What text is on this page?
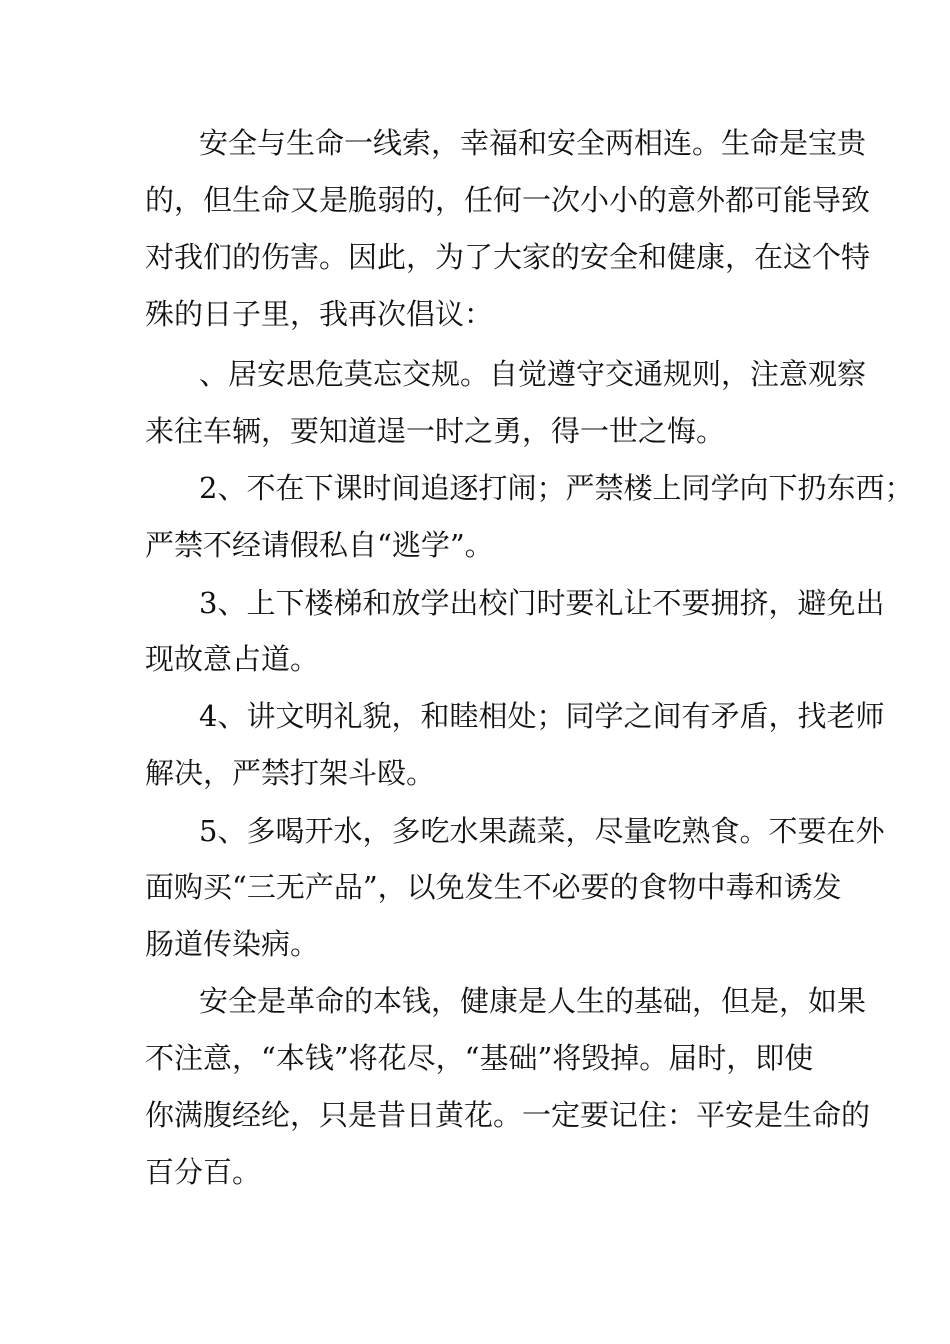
安全与生命一线索，幸福和安全两相连。生命是宝贵
的，但生命又是脆弱的，任何一次小小的意外都可能导致
对我们的伤害。因此，为了大家的安全和健康，在这个特
殊的日子里，我再次倡议：
、居安思危莫忘交规。自觉遵守交通规则，注意观察
来往车辆，要知道逞一时之勇，得一世之悔。
2、不在下课时间追逐打闹；严禁楼上同学向下扔东西；
严禁不经请假私自“逃学”。
3、上下楼梯和放学出校门时要礼让不要拥挤，避免出
现故意占道。
4、讲文明礼貌，和睦相处；同学之间有矛盾，找老师
解决，严禁打架斗殴。
5、多喝开水，多吃水果蔬菜，尽量吃熟食。不要在外
面购买“三无产品”，以免发生不必要的食物中毒和诱发
肠道传染病。
安全是革命的本钱，健康是人生的基础，但是，如果
不注意，“本钱”将花尽，“基础”将毁掉。届时，即使
你满腹经纶，只是昔日黄花。一定要记住：平安是生命的
百分百。
